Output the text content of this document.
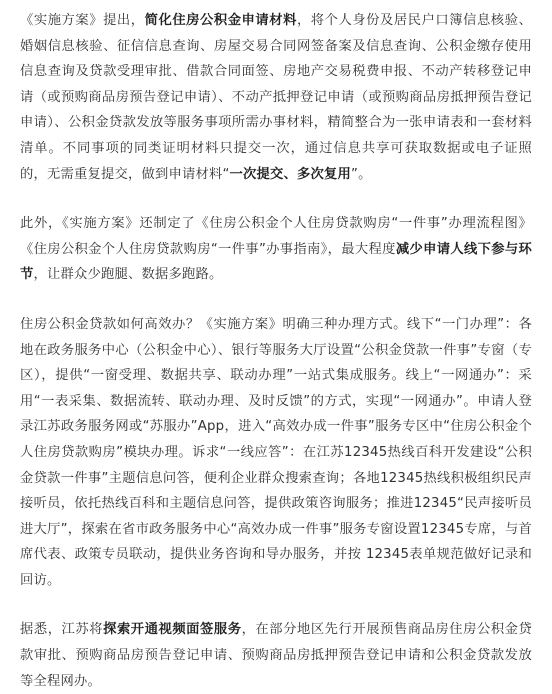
《实施方案》提出，简化住房公积金申请材料，将个人身份及居民户口簿信息核验、婚姻信息核验、征信信息查询、房屋交易合同网签备案及信息查询、公积金缴存使用信息查询及贷款受理审批、借款合同面签、房地产交易税费申报、不动产转移登记申请（或预购商品房预告登记申请）、不动产抵押登记申请（或预购商品房抵押预告登记申请）、公积金贷款发放等服务事项所需办事材料，精简整合为一张申请表和一套材料清单。不同事项的同类证明材料只提交一次，通过信息共享可获取数据或电子证照的，无需重复提交，做到申请材料“一次提交、多次复用”。

此外，《实施方案》还制定了《住房公积金个人住房贷款购房“一件事”办理流程图》《住房公积金个人住房贷款购房“一件事”办事指南》，最大程度减少申请人线下参与环节，让群众少跑腿、数据多跑路。

住房公积金贷款如何高效办？《实施方案》明确三种办理方式。线下“一门办理”：各地在政务服务中心（公积金中心）、银行等服务大厅设置“公积金贷款一件事”专窗（专区），提供“一窗受理、数据共享、联动办理”一站式集成服务。线上“一网通办”：采用“一表采集、数据流转、联动办理、及时反馈”的方式，实现“一网通办”。申请人登录江苏政务服务网或“苏服办”App，进入“高效办成一件事”服务专区中“住房公积金个人住房贷款购房”模块办理。诉求“一线应答”：在江苏12345热线百科开发建设“公积金贷款一件事”主题信息问答，便利企业群众搜索查询；各地12345热线积极组织民声接听员，依托热线百科和主题信息问答，提供政策咨询服务；推进12345“民声接听员进大厅”，探索在省市政务服务中心“高效办成一件事”服务专窗设置12345专席，与首席代表、政策专员联动，提供业务咨询和导办服务，并按 12345表单规范做好记录和回访。

据悉，江苏将探索开通视频面签服务，在部分地区先行开展预售商品房住房公积金贷款审批、预购商品房预告登记申请、预购商品房抵押预告登记申请和公积金贷款发放等全程网办。
